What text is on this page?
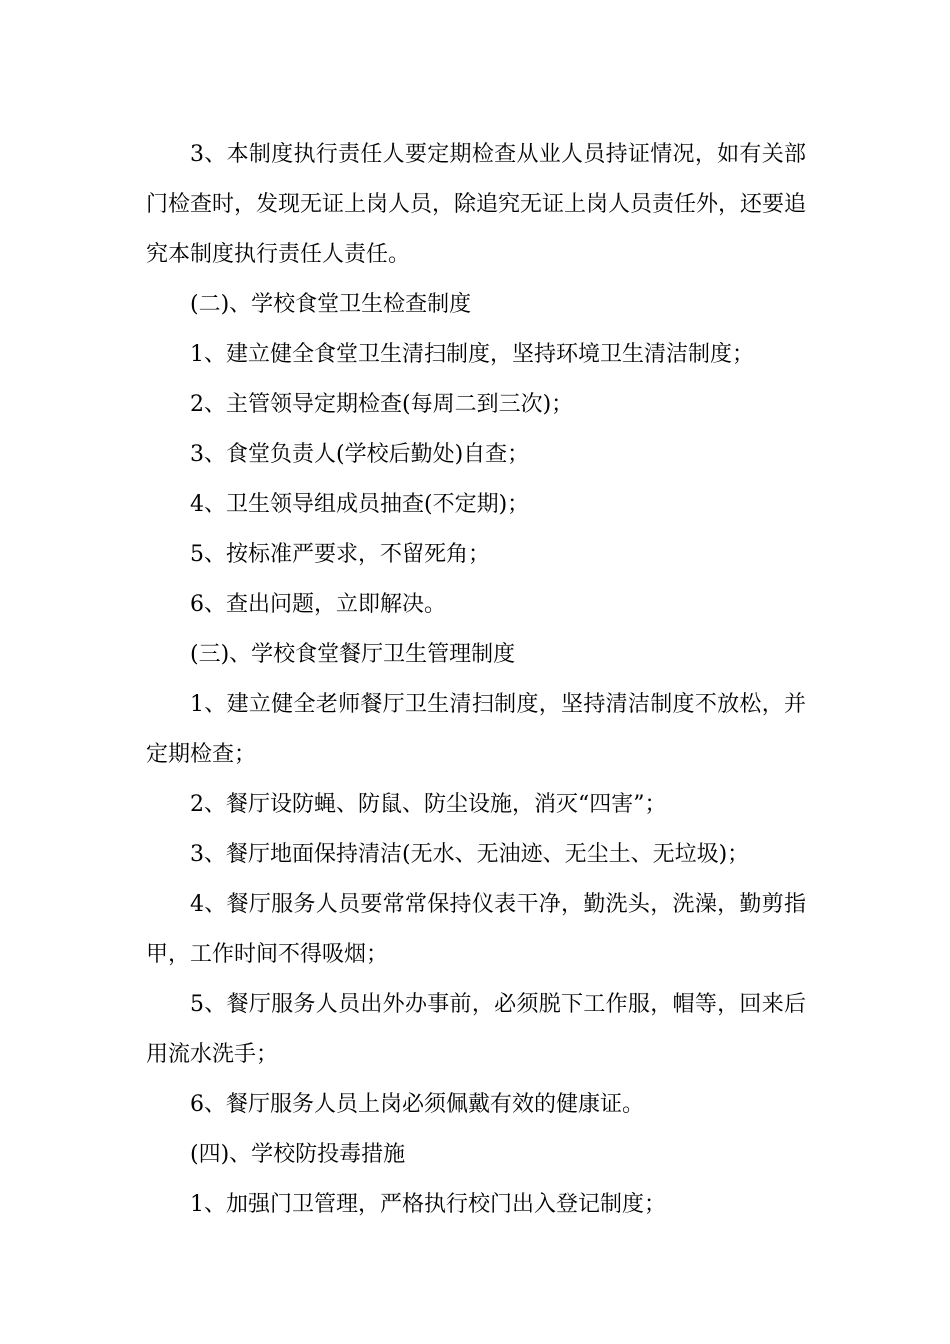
3、本制度执行责任人要定期检查从业人员持证情况，如有关部门检查时，发现无证上岗人员，除追究无证上岗人员责任外，还要追究本制度执行责任人责任。

(二)、学校食堂卫生检查制度

1、建立健全食堂卫生清扫制度，坚持环境卫生清洁制度；

2、主管领导定期检查(每周二到三次)；

3、食堂负责人(学校后勤处)自查；

4、卫生领导组成员抽查(不定期)；

5、按标准严要求，不留死角；

6、查出问题，立即解决。

(三)、学校食堂餐厅卫生管理制度

1、建立健全老师餐厅卫生清扫制度，坚持清洁制度不放松，并定期检查；

2、餐厅设防蝇、防鼠、防尘设施，消灭“四害”；

3、餐厅地面保持清洁(无水、无油迹、无尘土、无垃圾)；

4、餐厅服务人员要常常保持仪表干净，勤洗头，洗澡，勤剪指甲，工作时间不得吸烟；

5、餐厅服务人员出外办事前，必须脱下工作服，帽等，回来后用流水洗手；

6、餐厅服务人员上岗必须佩戴有效的健康证。

(四)、学校防投毒措施

1、加强门卫管理，严格执行校门出入登记制度；
